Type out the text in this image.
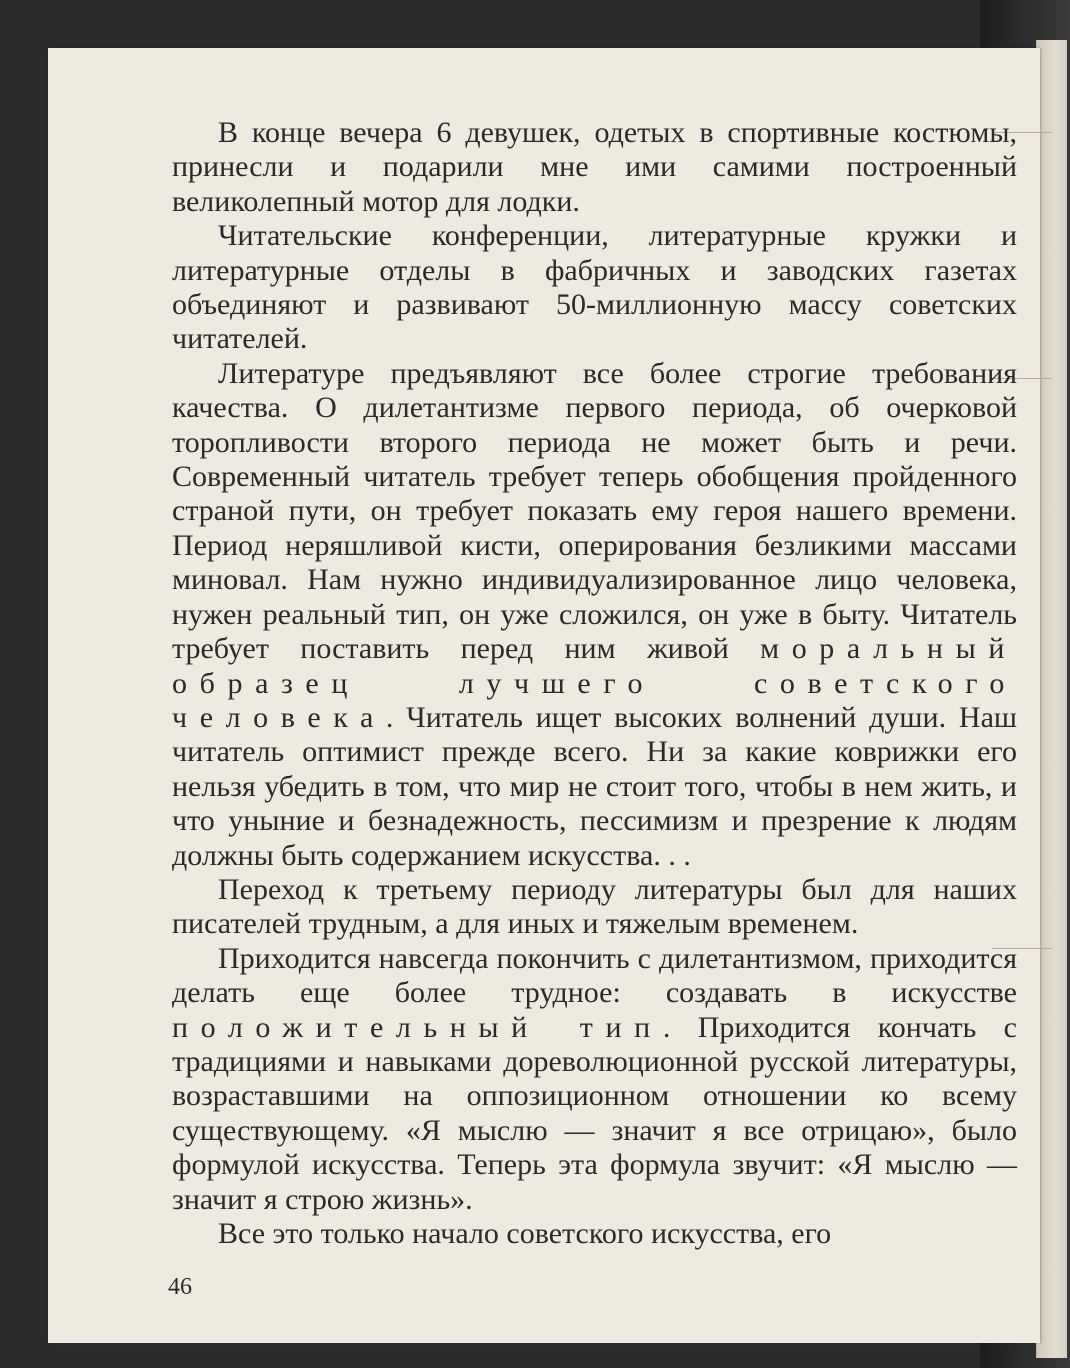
В конце вечера 6 девушек, одетых в спортивные костюмы, принесли и подарили мне ими самими построенный великолепный мотор для лодки.

Читательские конференции, литературные кружки и литературные отделы в фабричных и заводских газетах объединяют и развивают 50-миллионную массу советских читателей.

Литературе предъявляют все более строгие требования качества. О дилетантизме первого периода, об очерковой торопливости второго периода не может быть и речи. Современный читатель требует теперь обобщения пройденного страной пути, он требует показать ему героя нашего времени. Период неряшливой кисти, оперирования безликими массами миновал. Нам нужно индивидуализированное лицо человека, нужен реальный тип, он уже сложился, он уже в быту. Читатель требует поставить перед ним живой моральный образец лучшего советского человека. Читатель ищет высоких волнений души. Наш читатель оптимист прежде всего. Ни за какие коврижки его нельзя убедить в том, что мир не стоит того, чтобы в нем жить, и что уныние и безнадежность, пессимизм и презрение к людям должны быть содержанием искусства. . .

Переход к третьему периоду литературы был для наших писателей трудным, а для иных и тяжелым временем.

Приходится навсегда покончить с дилетантизмом, приходится делать еще более трудное: создавать в искусстве положительный тип. Приходится кончать с традициями и навыками дореволюционной русской литературы, возраставшими на оппозиционном отношении ко всему существующему. «Я мыслю — значит я все отрицаю», было формулой искусства. Теперь эта формула звучит: «Я мыслю — значит я строю жизнь».

Все это только начало советского искусства, его

46
